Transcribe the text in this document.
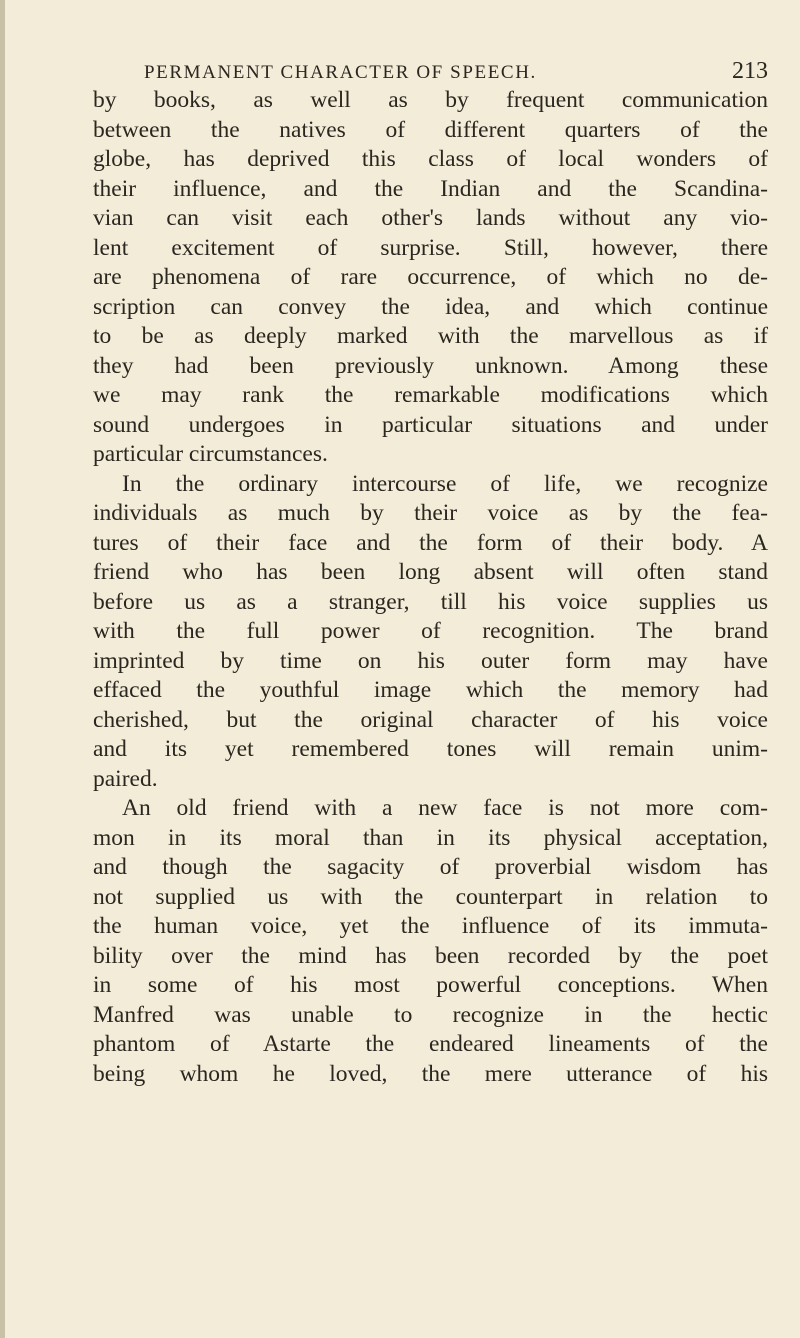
PERMANENT CHARACTER OF SPEECH.	213
by books, as well as by frequent communication
between the natives of different quarters of the
globe, has deprived this class of local wonders of
their influence, and the Indian and the Scandina-
vian can visit each other's lands without any vio-
lent excitement of surprise. Still, however, there
are phenomena of rare occurrence, of which no de-
scription can convey the idea, and which continue
to be as deeply marked with the marvellous as if
they had been previously unknown. Among these
we may rank the remarkable modifications which
sound undergoes in particular situations and under
particular circumstances.
In the ordinary intercourse of life, we recognize
individuals as much by their voice as by the fea-
tures of their face and the form of their body. A
friend who has been long absent will often stand
before us as a stranger, till his voice supplies us
with the full power of recognition. The brand
imprinted by time on his outer form may have
effaced the youthful image which the memory had
cherished, but the original character of his voice
and its yet remembered tones will remain unim-
paired.
An old friend with a new face is not more com-
mon in its moral than in its physical acceptation,
and though the sagacity of proverbial wisdom has
not supplied us with the counterpart in relation to
the human voice, yet the influence of its immuta-
bility over the mind has been recorded by the poet
in some of his most powerful conceptions. When
Manfred was unable to recognize in the hectic
phantom of Astarte the endeared lineaments of the
being whom he loved, the mere utterance of his
